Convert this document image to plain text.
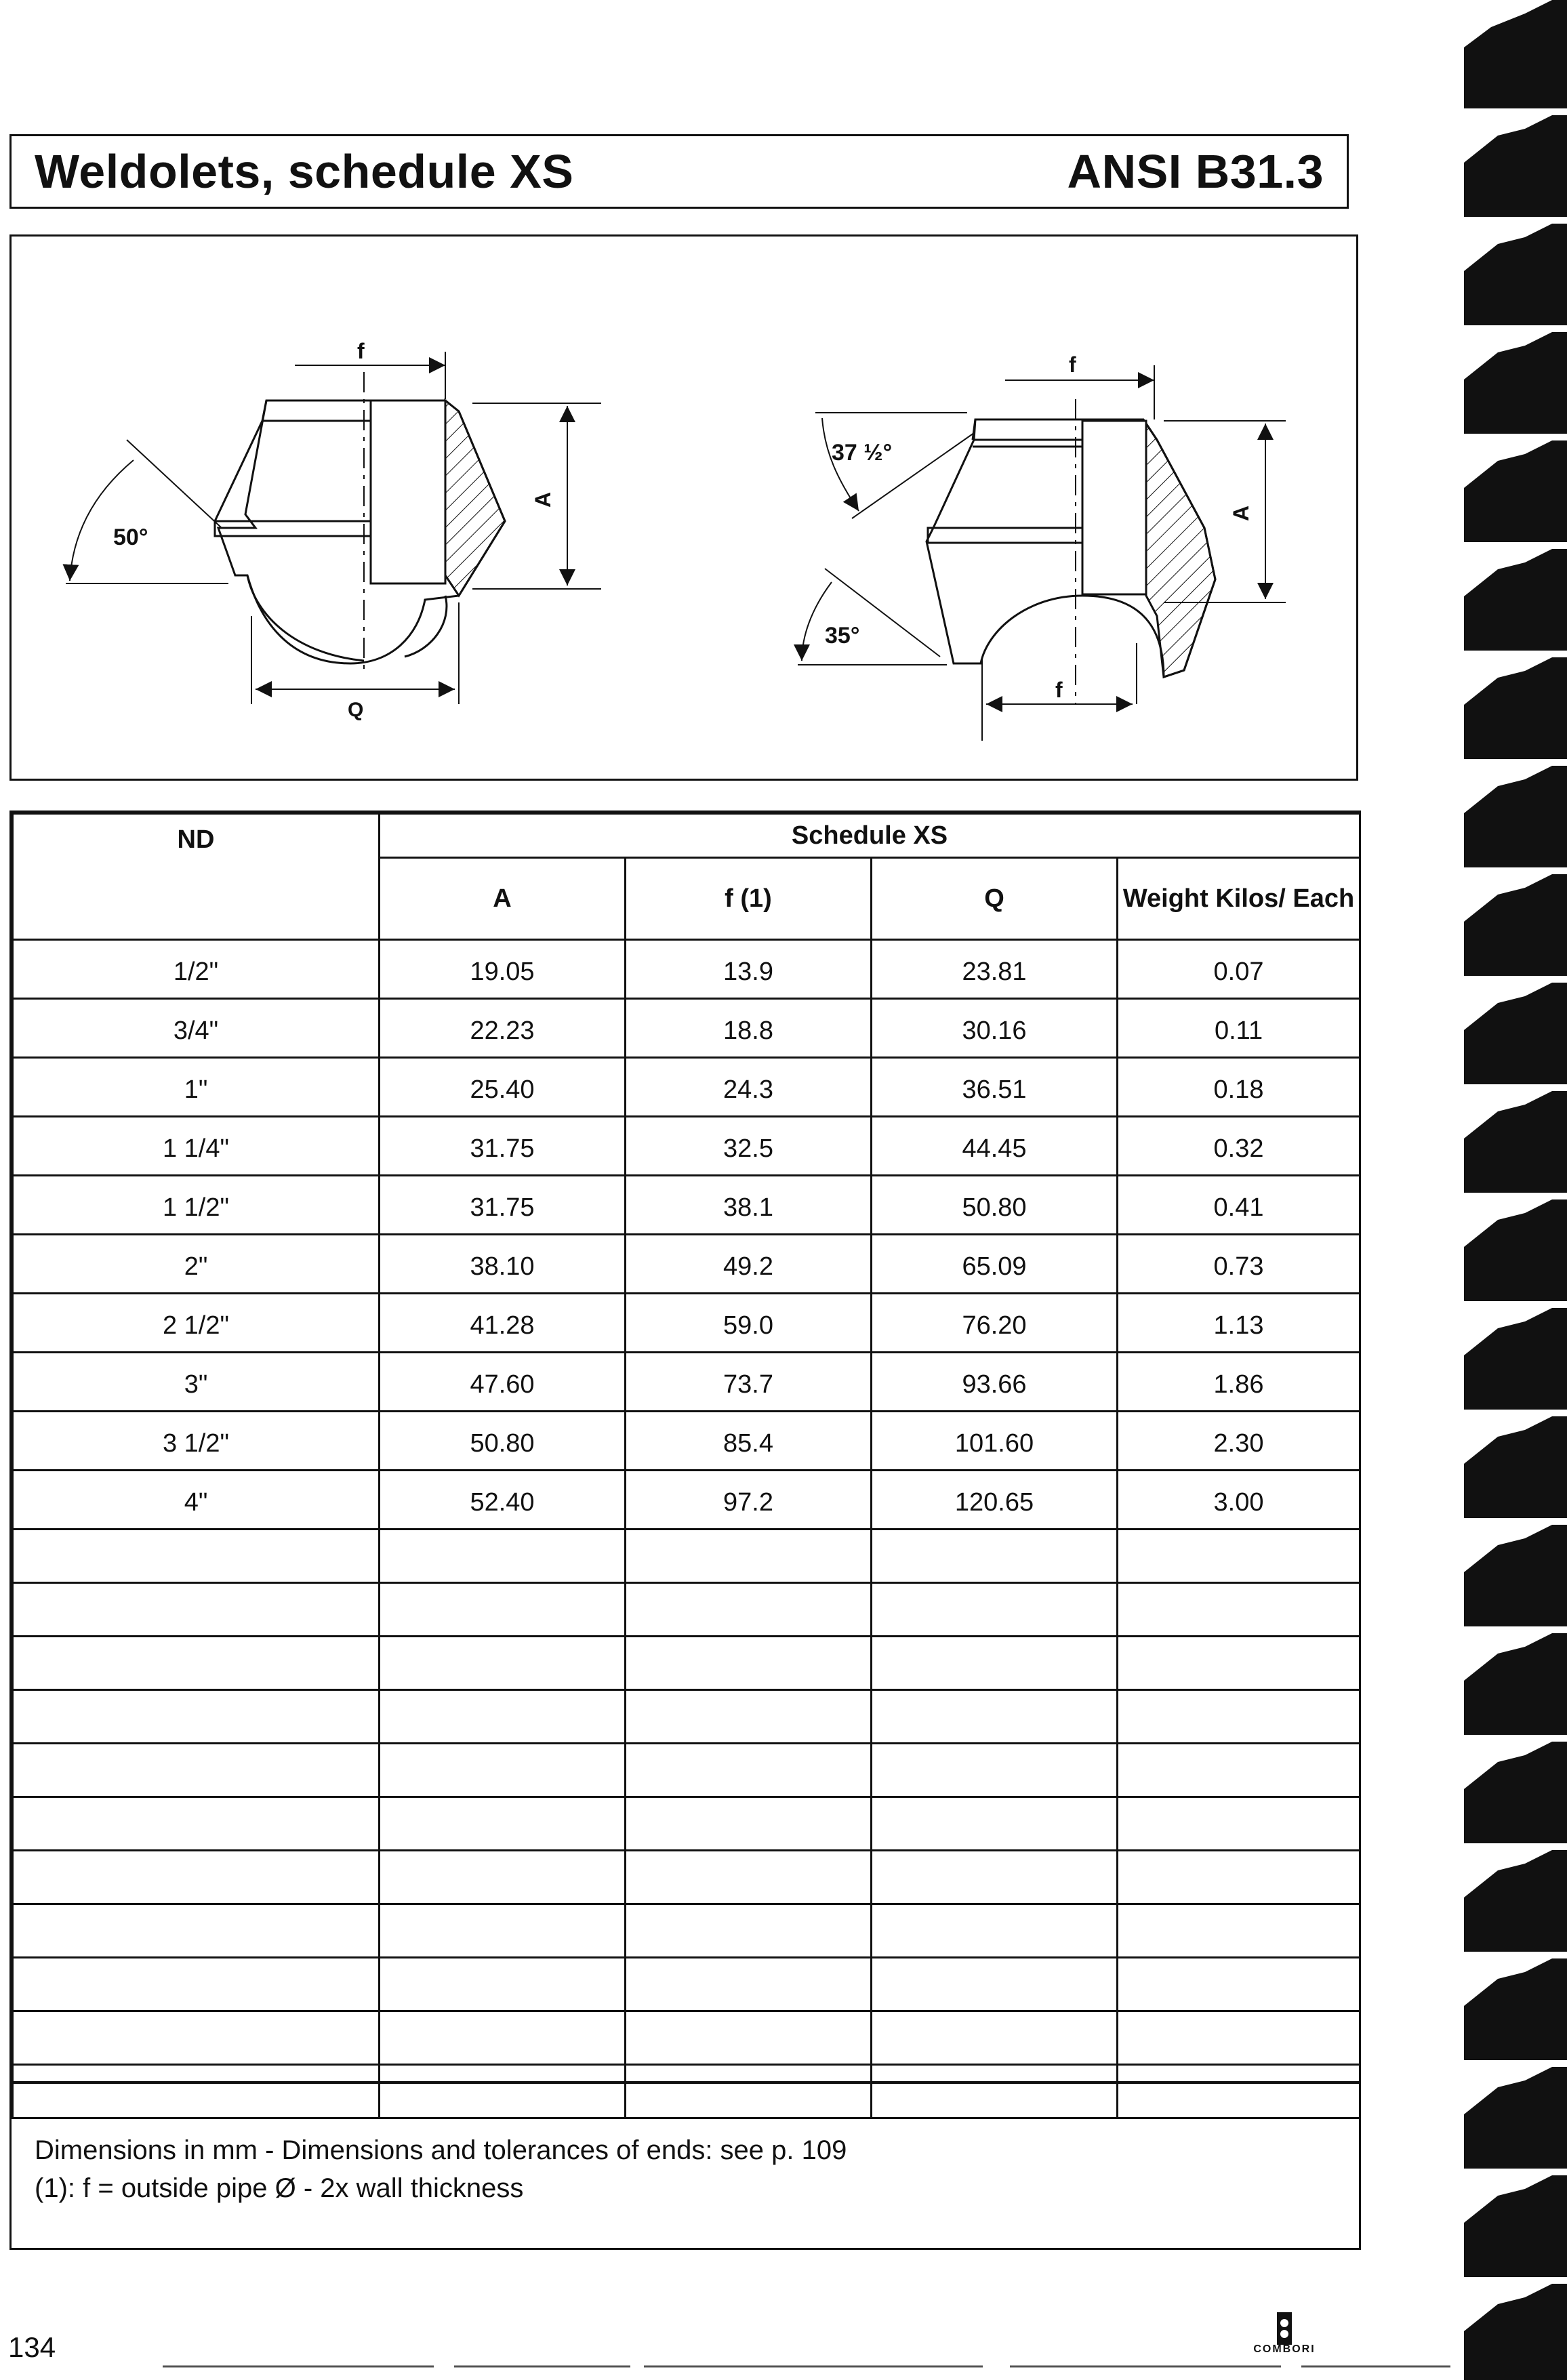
Weldolets, schedule XS	ANSI B31.3
50°
f
A
Q
37 ½°
35°
f
A
f
ND	Schedule XS			
	A	f (1)	Q	Weight Kilos/ Each
1/2"	19.05	13.9	23.81	0.07
3/4"	22.23	18.8	30.16	0.11
1"	25.40	24.3	36.51	0.18
1 1/4"	31.75	32.5	44.45	0.32
1 1/2"	31.75	38.1	50.80	0.41
2"	38.10	49.2	65.09	0.73
2 1/2"	41.28	59.0	76.20	1.13
3"	47.60	73.7	93.66	1.86
3 1/2"	50.80	85.4	101.60	2.30
4"	52.40	97.2	120.65	3.00

Dimensions in mm - Dimensions and tolerances of ends: see p. 109

(1): f = outside pipe Ø - 2x wall thickness

134	COMBORI
